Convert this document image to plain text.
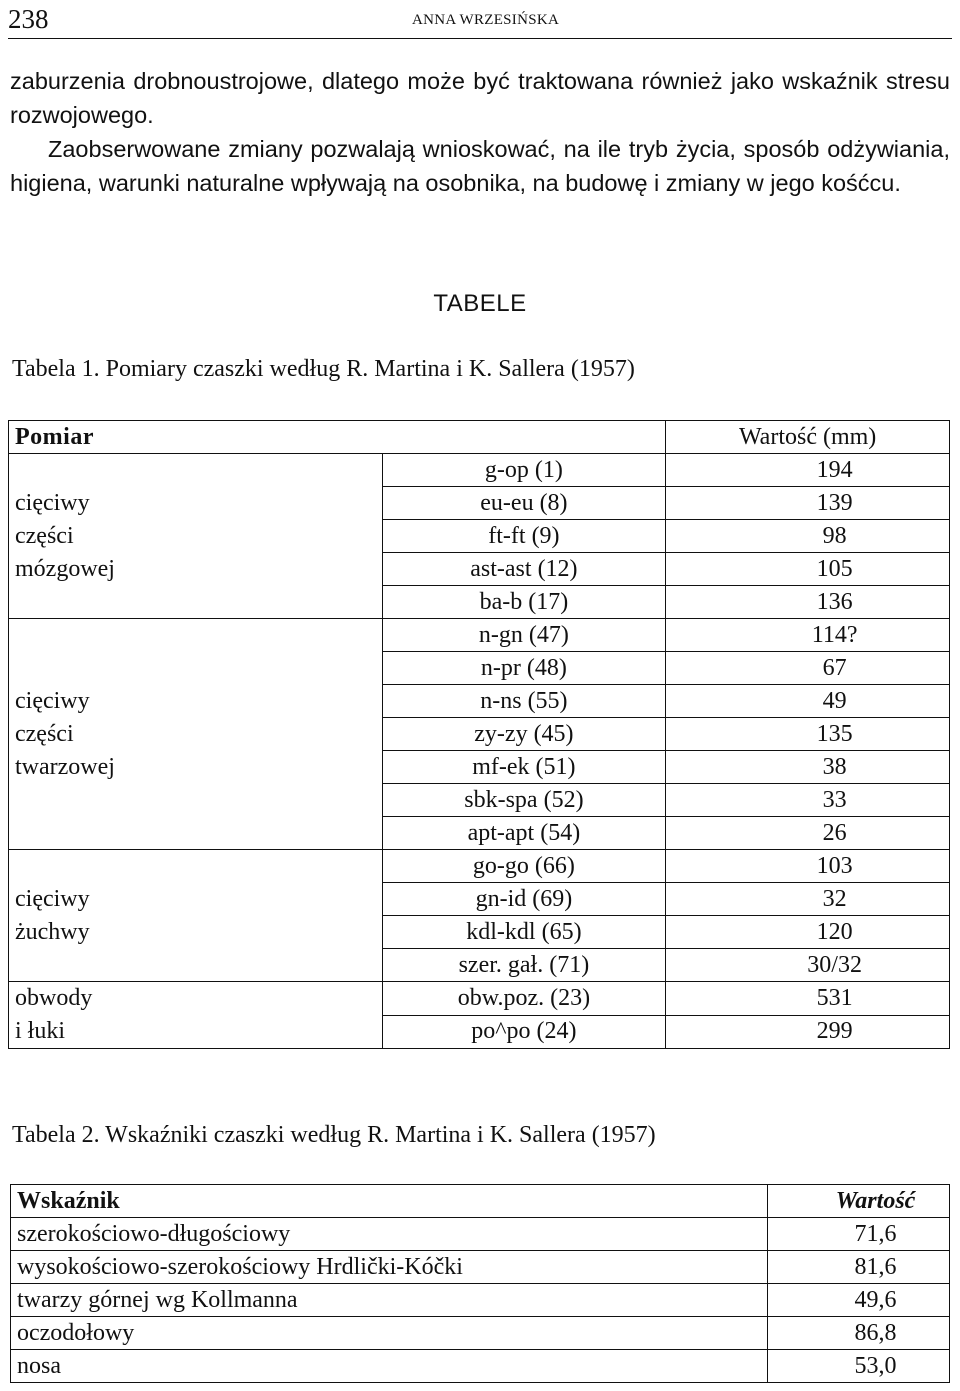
238	ANNA WRZESIŃSKA

zaburzenia drobnoustrojowe, dlatego może być traktowana również jako wskaźnik stresu rozwojowego.

Zaobserwowane zmiany pozwalają wnioskować, na ile tryb życia, sposób odżywiania, higiena, warunki naturalne wpływają na osobnika, na budowę i zmiany w jego kośćcu.

TABELE
Tabela 1. Pomiary czaszki według R. Martina i K. Sallera (1957)
Pomiar		Wartość (mm)

cięciwy
części
mózgowej	g-op (1)	194
	eu-eu (8)	139
	ft-ft (9)	98
	ast-ast (12)	105
	ba-b (17)	136

cięciwy
części
twarzowej	n-gn (47)	114?
	n-pr (48)	67
	n-ns (55)	49
	zy-zy (45)	135
	mf-ek (51)	38
	sbk-spa (52)	33
	apt-apt (54)	26

cięciwy
żuchwy	go-go (66)	103
	gn-id (69)	32
	kdl-kdl (65)	120
	szer. gał. (71)	30/32

obwody
i łuki	obw.poz. (23)	531
	po^po (24)	299
Tabela 2. Wskaźniki czaszki według R. Martina i K. Sallera (1957)
Wskaźnik	Wartość
szerokościowo-długościowy	71,6
wysokościowo-szerokościowy Hrdlički-Kóčki	81,6
twarzy górnej wg Kollmanna	49,6
oczodołowy	86,8
nosa	53,0
